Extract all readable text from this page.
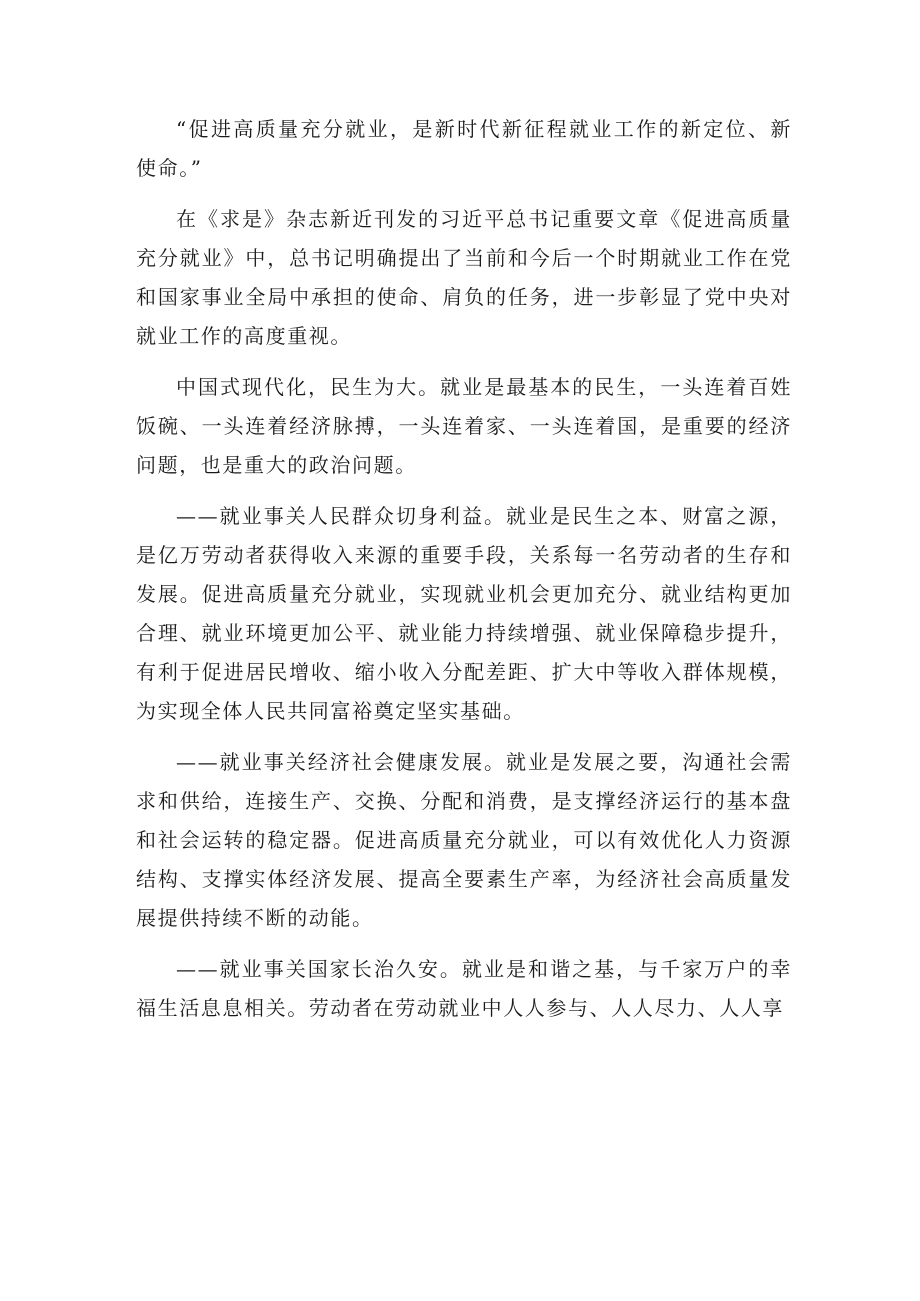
“促进高质量充分就业，是新时代新征程就业工作的新定位、新使命。”

在《求是》杂志新近刊发的习近平总书记重要文章《促进高质量充分就业》中，总书记明确提出了当前和今后一个时期就业工作在党和国家事业全局中承担的使命、肩负的任务，进一步彰显了党中央对就业工作的高度重视。

中国式现代化，民生为大。就业是最基本的民生，一头连着百姓饭碗、一头连着经济脉搏，一头连着家、一头连着国，是重要的经济问题，也是重大的政治问题。

——就业事关人民群众切身利益。就业是民生之本、财富之源，是亿万劳动者获得收入来源的重要手段，关系每一名劳动者的生存和发展。促进高质量充分就业，实现就业机会更加充分、就业结构更加合理、就业环境更加公平、就业能力持续增强、就业保障稳步提升，有利于促进居民增收、缩小收入分配差距、扩大中等收入群体规模，为实现全体人民共同富裕奠定坚实基础。

——就业事关经济社会健康发展。就业是发展之要，沟通社会需求和供给，连接生产、交换、分配和消费，是支撑经济运行的基本盘和社会运转的稳定器。促进高质量充分就业，可以有效优化人力资源结构、支撑实体经济发展、提高全要素生产率，为经济社会高质量发展提供持续不断的动能。

——就业事关国家长治久安。就业是和谐之基，与千家万户的幸福生活息息相关。劳动者在劳动就业中人人参与、人人尽力、人人享
